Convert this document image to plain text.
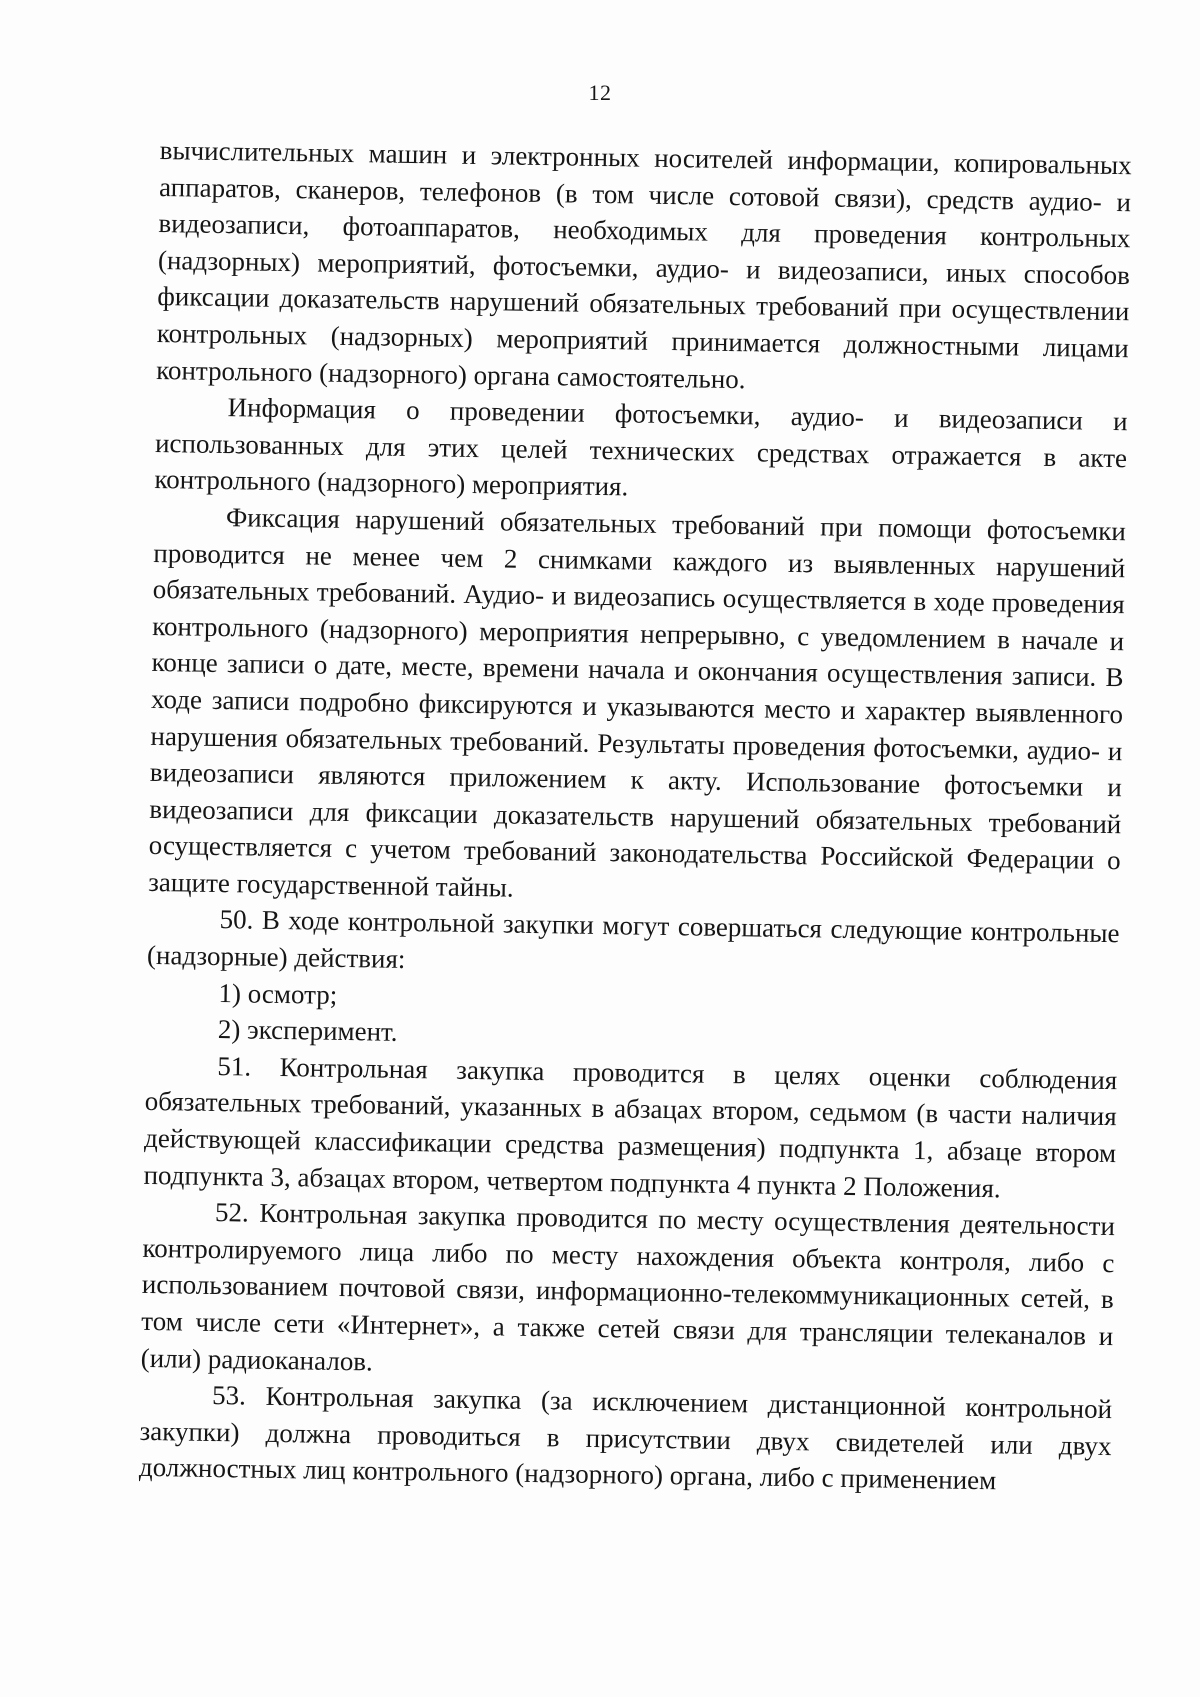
12

вычислительных машин и электронных носителей информации, копировальных аппаратов, сканеров, телефонов (в том числе сотовой связи), средств аудио- и видеозаписи, фотоаппаратов, необходимых для проведения контрольных (надзорных) мероприятий, фотосъемки, аудио- и видеозаписи, иных способов фиксации доказательств нарушений обязательных требований при осуществлении контрольных (надзорных) мероприятий принимается должностными лицами контрольного (надзорного) органа самостоятельно.

Информация о проведении фотосъемки, аудио- и видеозаписи и использованных для этих целей технических средствах отражается в акте контрольного (надзорного) мероприятия.

Фиксация нарушений обязательных требований при помощи фотосъемки проводится не менее чем 2 снимками каждого из выявленных нарушений обязательных требований. Аудио- и видеозапись осуществляется в ходе проведения контрольного (надзорного) мероприятия непрерывно, с уведомлением в начале и конце записи о дате, месте, времени начала и окончания осуществления записи. В ходе записи подробно фиксируются и указываются место и характер выявленного нарушения обязательных требований. Результаты проведения фотосъемки, аудио- и видеозаписи являются приложением к акту. Использование фотосъемки и видеозаписи для фиксации доказательств нарушений обязательных требований осуществляется с учетом требований законодательства Российской Федерации о защите государственной тайны.

50. В ходе контрольной закупки могут совершаться следующие контрольные (надзорные) действия:

1) осмотр;

2) эксперимент.

51. Контрольная закупка проводится в целях оценки соблюдения обязательных требований, указанных в абзацах втором, седьмом (в части наличия действующей классификации средства размещения) подпункта 1, абзаце втором подпункта 3, абзацах втором, четвертом подпункта 4 пункта 2 Положения.

52. Контрольная закупка проводится по месту осуществления деятельности контролируемого лица либо по месту нахождения объекта контроля, либо с использованием почтовой связи, информационно-телекоммуникационных сетей, в том числе сети «Интернет», а также сетей связи для трансляции телеканалов и (или) радиоканалов.

53. Контрольная закупка (за исключением дистанционной контрольной закупки) должна проводиться в присутствии двух свидетелей или двух должностных лиц контрольного (надзорного) органа, либо с применением
